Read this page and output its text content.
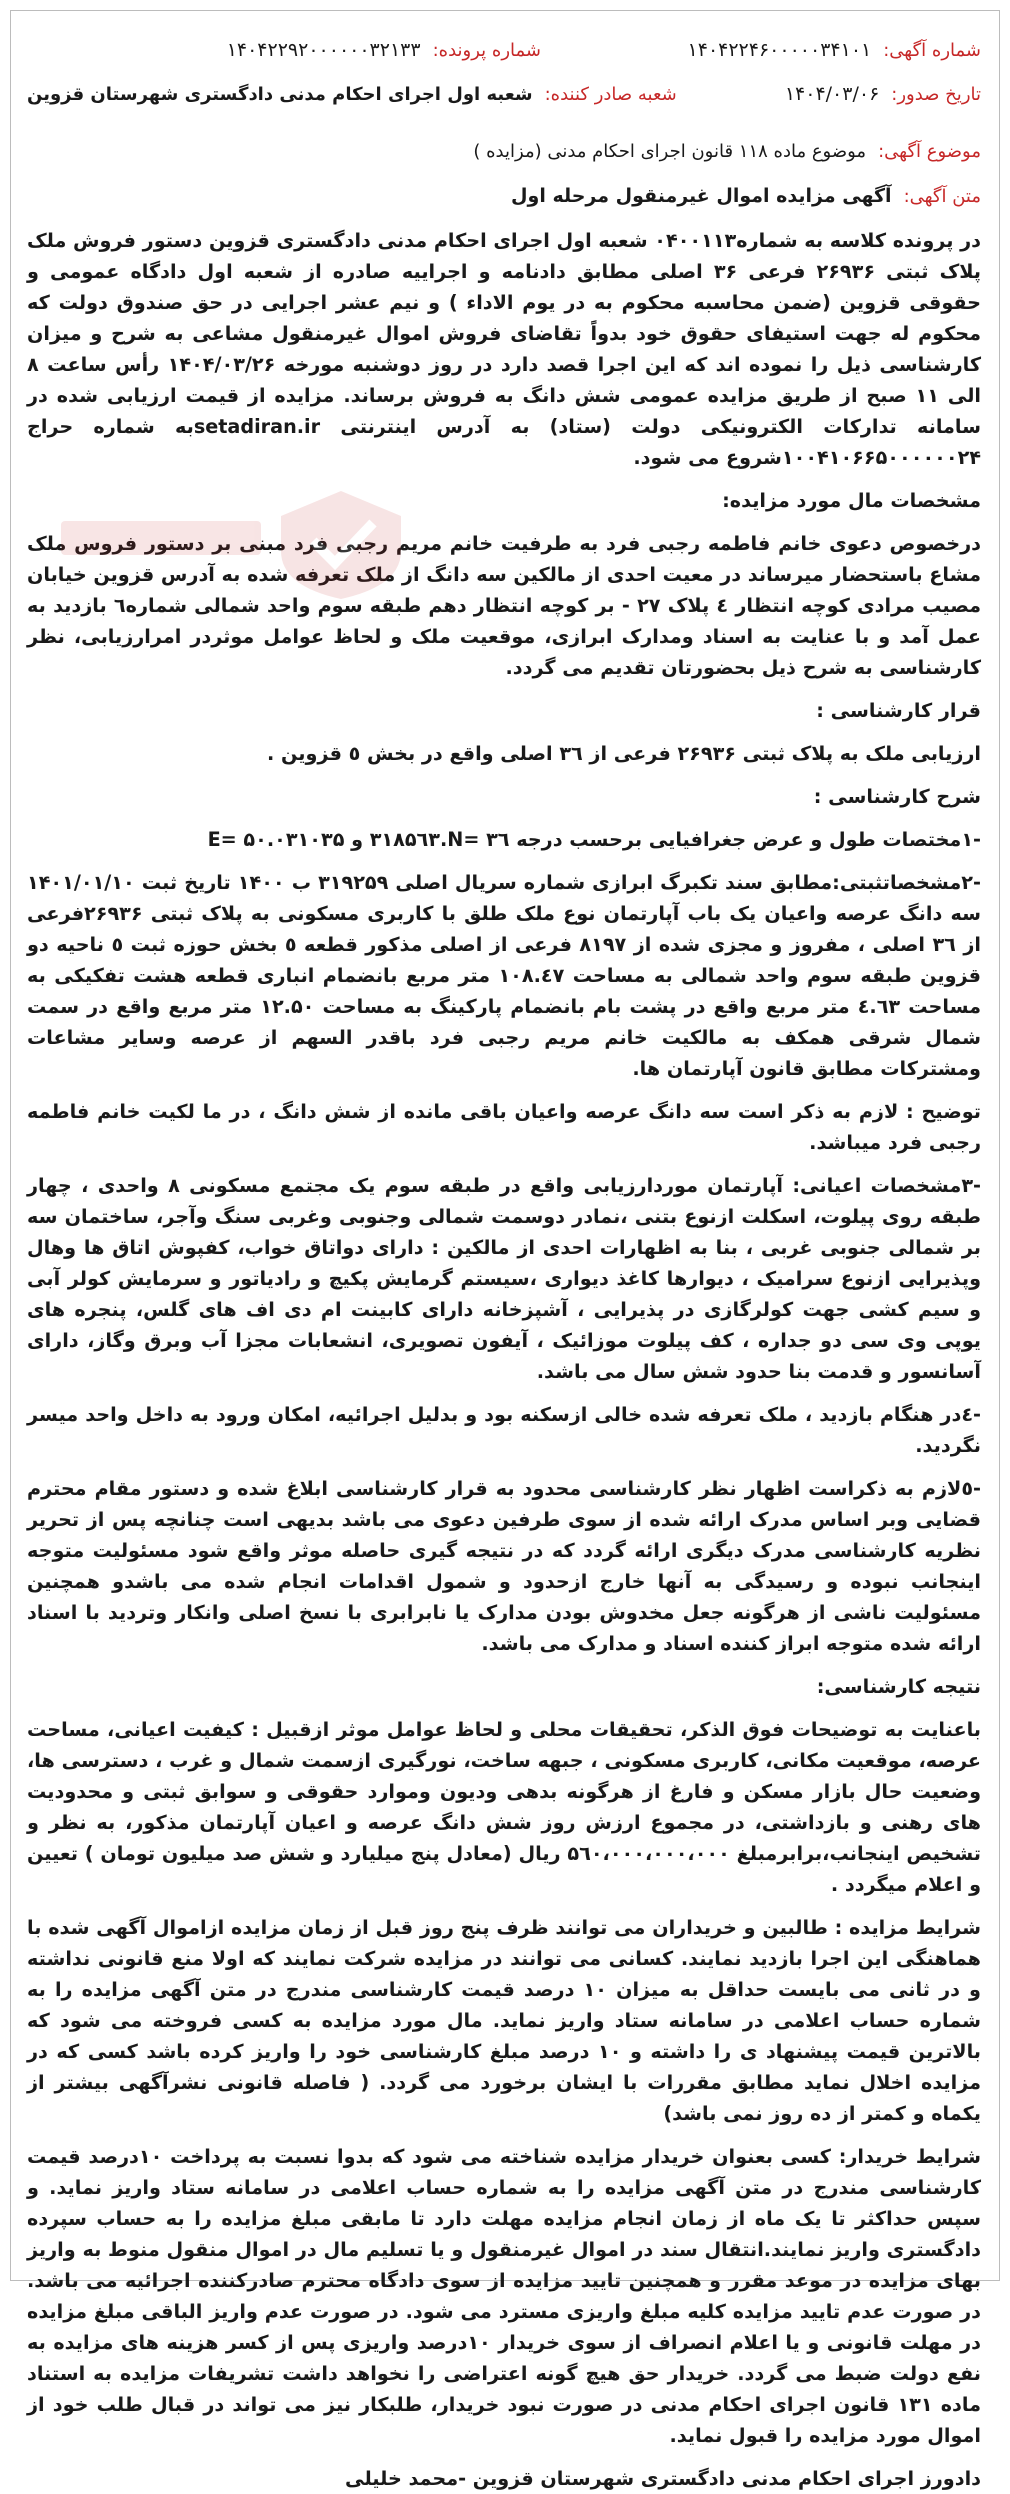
شماره آگهی:
۱۴۰۴۲۲۴۶۰۰۰۰۰۳۴۱۰۱
شماره پرونده:
۱۴۰۴۲۲۹۲۰۰۰۰۰۰۳۲۱۳۳
تاریخ صدور:
۱۴۰۴/۰۳/۰۶
شعبه صادر کننده:
شعبه اول اجرای احکام مدنی دادگستری شهرستان قزوین
موضوع آگهی:
موضوع ماده ۱۱۸ قانون اجرای احکام مدنی (مزایده )
متن آگهی:
آگهی مزایده اموال غیرمنقول مرحله اول

در پرونده کلاسه به شماره۰۴۰۰۱۱۳ شعبه اول اجرای احکام مدنی دادگستری قزوین دستور فروش ملک پلاک ثبتی ۲۶۹۳۶ فرعی ۳۶ اصلی مطابق دادنامه و اجراییه صادره از شعبه اول دادگاه عمومی و حقوقی قزوین (ضمن محاسبه محکوم به در یوم الاداء ) و نیم عشر اجرایی در حق صندوق دولت که محکوم له جهت استیفای حقوق خود بدواً تقاضای فروش اموال غیرمنقول مشاعی به شرح و میزان کارشناسی ذیل را نموده اند که این اجرا قصد دارد در روز دوشنبه مورخه ۱۴۰۴/۰۳/۲۶ رأس ساعت ۸ الی ۱۱ صبح از طریق مزایده عمومی شش دانگ به فروش برساند. مزایده از قیمت ارزیابی شده در سامانه تدارکات الکترونیکی دولت (ستاد) به آدرس اینترنتی setadiran.irبه شماره حراج ۱۰۰۴۱۰۶۶۵۰۰۰۰۰۰۲۴شروع می شود.

مشخصات مال مورد مزایده:

درخصوص دعوی خانم فاطمه رجبی فرد به طرفیت خانم مریم رجبی فرد مبنی بر دستور فروس ملک مشاع باستحضار میرساند در معیت احدی از مالکین سه دانگ از ملک تعرفه شده به آدرس قزوین خیابان مصیب مرادی کوچه انتظار ٤ پلاک ۲۷ - بر کوچه انتظار دهم طبقه سوم واحد شمالی شماره٦ بازدید به عمل آمد و با عنایت به اسناد ومدارک ابرازی، موقعیت ملک و لحاظ عوامل موثردر امرارزیابی، نظر کارشناسی به شرح ذیل بحضورتان تقدیم می گردد.

قرار کارشناسی :

ارزیابی ملک به پلاک ثبتی ۲۶۹۳۶ فرعی از ۳٦ اصلی واقع در بخش ٥ قزوین .

شرح کارشناسی :

-۱مختصات طول و عرض جغرافیایی برحسب درجه N= ۳٦.۳۱۸۵٦۳ و E= ۵۰.۰۳۱۰۳۵

-۲مشخصاتثبتی:مطابق سند تکبرگ ابرازی شماره سریال اصلی ۳۱۹۲۵۹ ب ۱۴۰۰ تاریخ ثبت ۱۴۰۱/۰۱/۱۰ سه دانگ عرصه واعیان یک باب آپارتمان نوع ملک طلق با کاربری مسکونی به پلاک ثبتی ۲۶۹۳۶فرعی از ۳٦ اصلی ، مفروز و مجزی شده از ۸۱۹۷ فرعی از اصلی مذکور قطعه ٥ بخش حوزه ثبت ٥ ناحیه دو قزوین طبقه سوم واحد شمالی به مساحت ۱۰۸.٤۷ متر مربع بانضمام انباری قطعه هشت تفکیکی به مساحت ٤.٦۳ متر مربع واقع در پشت بام بانضمام پارکینگ به مساحت ۱۲.۵۰ متر مربع واقع در سمت شمال شرقی همکف به مالکیت خانم مریم رجبی فرد باقدر السهم از عرصه وسایر مشاعات ومشترکات مطابق قانون آپارتمان ها.

توضیح : لازم به ذکر است سه دانگ عرصه واعیان باقی مانده از شش دانگ ، در ما لکیت خانم فاطمه رجبی فرد میباشد.

-۳مشخصات اعیانی: آپارتمان موردارزیابی واقع در طبقه سوم یک مجتمع مسکونی ۸ واحدی ، چهار طبقه روی پیلوت، اسکلت ازنوع بتنی ،نمادر دوسمت شمالی وجنوبی وغربی سنگ وآجر، ساختمان سه بر شمالی جنوبی غربی ، بنا به اظهارات احدی از مالکین : دارای دواتاق خواب، کفپوش اتاق ها وهال وپذیرایی ازنوع سرامیک ، دیوارها کاغذ دیواری ،سیستم گرمایش پکیچ و رادیاتور و سرمایش کولر آبی و سیم کشی جهت کولرگازی در پذیرایی ، آشپزخانه دارای کابینت ام دی اف های گلس، پنجره های یوپی وی سی دو جداره ، کف پیلوت موزائیک ، آیفون تصویری، انشعابات مجزا آب وبرق وگاز، دارای آسانسور و قدمت بنا حدود شش سال می باشد.

-٤در هنگام بازدید ، ملک تعرفه شده خالی ازسکنه بود و بدلیل اجرائیه، امکان ورود به داخل واحد میسر نگردید.

-٥لازم به ذکراست اظهار نظر کارشناسی محدود به قرار کارشناسی ابلاغ شده و دستور مقام محترم قضایی وبر اساس مدرک ارائه شده از سوی طرفین دعوی می باشد بدیهی است چنانچه پس از تحریر نظریه کارشناسی مدرک دیگری ارائه گردد که در نتیجه گیری حاصله موثر واقع شود مسئولیت متوجه اینجانب نبوده و رسیدگی به آنها خارج ازحدود و شمول اقدامات انجام شده می باشدو همچنین مسئولیت ناشی از هرگونه جعل مخدوش بودن مدارک یا نابرابری با نسخ اصلی وانکار وتردید با اسناد ارائه شده متوجه ابراز کننده اسناد و مدارک می باشد.

نتیجه کارشناسی:

باعنایت به توضیحات فوق الذکر، تحقیقات محلی و لحاظ عوامل موثر ازقبیل : کیفیت اعیانی، مساحت عرصه، موقعیت مکانی، کاربری مسکونی ، جبهه ساخت، نورگیری ازسمت شمال و غرب ، دسترسی ها، وضعیت حال بازار مسکن و فارغ از هرگونه بدهی ودیون وموارد حقوقی و سوابق ثبتی و محدودیت های رهنی و بازداشتی، در مجموع ارزش روز شش دانگ عرصه و اعیان آپارتمان مذکور، به نظر و تشخیص اینجانب،برابرمبلغ ۵٦۰،۰۰۰،۰۰۰،۰۰۰ ریال (معادل پنج میلیارد و شش صد میلیون تومان ) تعیین و اعلام میگردد .

شرایط مزایده : طالبین و خریداران می توانند ظرف پنج روز قبل از زمان مزایده ازاموال آگهی شده با هماهنگی این اجرا بازدید نمایند. کسانی می توانند در مزایده شرکت نمایند که اولا منع قانونی نداشته و در ثانی می بایست حداقل به میزان ۱۰ درصد قیمت کارشناسی مندرج در متن آگهی مزایده را به شماره حساب اعلامی در سامانه ستاد واریز نماید. مال مورد مزایده به کسی فروخته می شود که بالاترین قیمت پیشنهاد ی را داشته و ۱۰ درصد مبلغ کارشناسی خود را واریز کرده باشد کسی که در مزایده اخلال نماید مطابق مقررات با ایشان برخورد می گردد. ( فاصله قانونی نشرآگهی بیشتر از یکماه و کمتر از ده روز نمی باشد)

شرایط خریدار: کسی بعنوان خریدار مزایده شناخته می شود که بدوا نسبت به پرداخت ۱۰درصد قیمت کارشناسی مندرج در متن آگهی مزایده را به شماره حساب اعلامی در سامانه ستاد واریز نماید. و سپس حداکثر تا یک ماه از زمان انجام مزایده مهلت دارد تا مابقی مبلغ مزایده را به حساب سپرده دادگستری واریز نمایند.انتقال سند در اموال غیرمنقول و یا تسلیم مال در اموال منقول منوط به واریز بهای مزایده در موعد مقرر و همچنین تایید مزایده از سوی دادگاه محترم صادرکننده اجرائیه می باشد. در صورت عدم تایید مزایده کلیه مبلغ واریزی مسترد می شود. در صورت عدم واریز الباقی مبلغ مزایده در مهلت قانونی و یا اعلام انصراف از سوی خریدار ۱۰درصد واریزی پس از کسر هزینه های مزایده به نفع دولت ضبط می گردد. خریدار حق هیچ گونه اعتراضی را نخواهد داشت تشریفات مزایده به استناد ماده ۱۳۱ قانون اجرای احکام مدنی در صورت نبود خریدار، طلبکار نیز می تواند در قبال طلب خود از اموال مورد مزایده را قبول نماید.

دادورز اجرای احکام مدنی دادگستری شهرستان قزوین -محمد خلیلی
